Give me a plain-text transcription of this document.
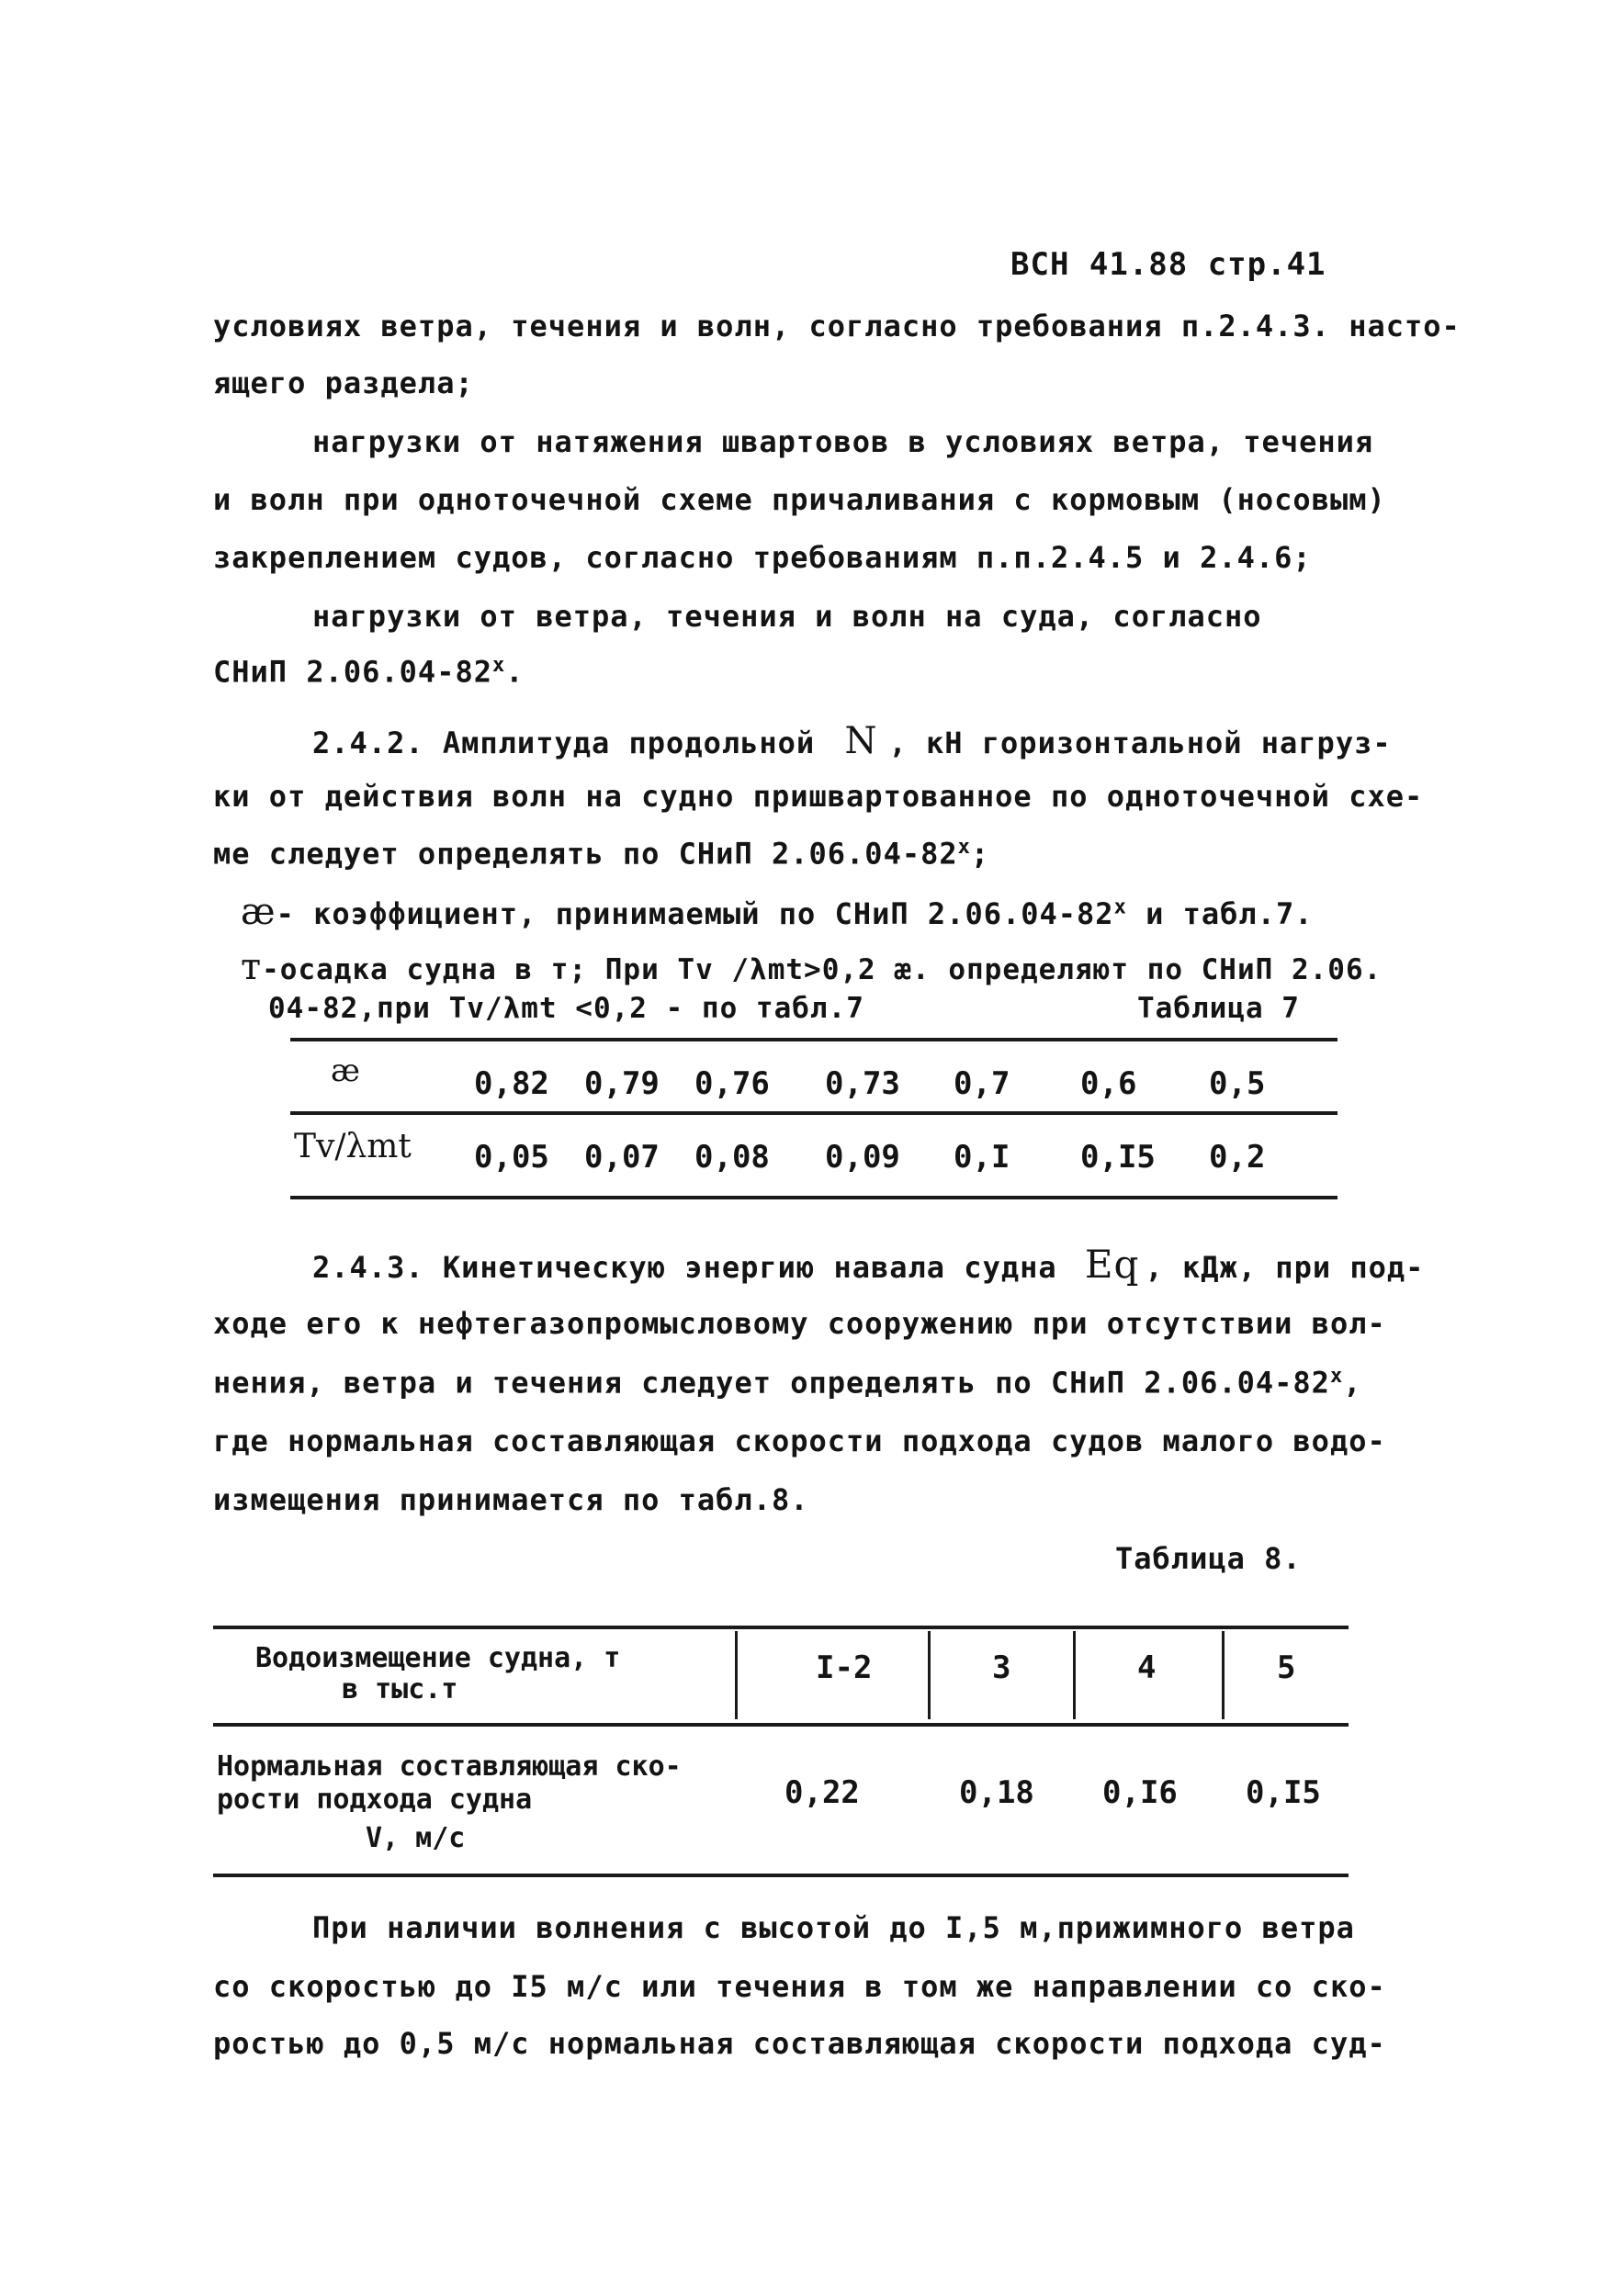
ВСН 41.88 стр.41
условиях ветра, течения и волн, согласно требования п.2.4.3. насто-
ящего раздела;
нагрузки от натяжения швартовов в условиях ветра, течения
и волн при одноточечной схеме причаливания с кормовым (носовым)
закреплением судов, согласно требованиям п.п.2.4.5 и 2.4.6;
нагрузки от ветра, течения и волн на суда, согласно
СНиП $2.06.04-82^х$.
2.4.2. Амплитуда продольной N , кН горизонтальной нагруз-
ки от действия волн на судно пришвартованное по одноточечной схе-
ме следует определять по СНиП $2.06.04-82^х$;
æ- коэффициент, принимаемый по СНиП $2.06.04-82^х$ и табл.7.
т-осадка судна в т; При Тv /λmt>0,2 æ. определяют по СНиП 2.06.
04-82,при Тv/λmt <0,2 - по табл.7	Таблица 7
æ	0,82 0,79 0,76 0,73 0,7 0,6 0,5
Тv/λmt 0,05 0,07 0,08 0,09 0,I 0,I5 0,2
2.4.3. Кинетическую энергию навала судна Eq , кДж, при под-
ходе его к нефтегазопромысловому сооружению при отсутствии вол-
нения, ветра и течения следует определять по СНиП $2.06.04-82^х$,
где нормальная составляющая скорости подхода судов малого водо-
измещения принимается по табл.8.
Таблица 8.
Водоизмещение судна, т
в тыс.т
I-2	3	4	5
Нормальная составляющая ско-
рости подхода судна
V, м/с
0,22	0,18 0,I6 0,I5
При наличии волнения с высотой до I,5 м,прижимного ветра
со скоростью до I5 м/с или течения в том же направлении со ско-
ростью до 0,5 м/с нормальная составляющая скорости подхода суд-
